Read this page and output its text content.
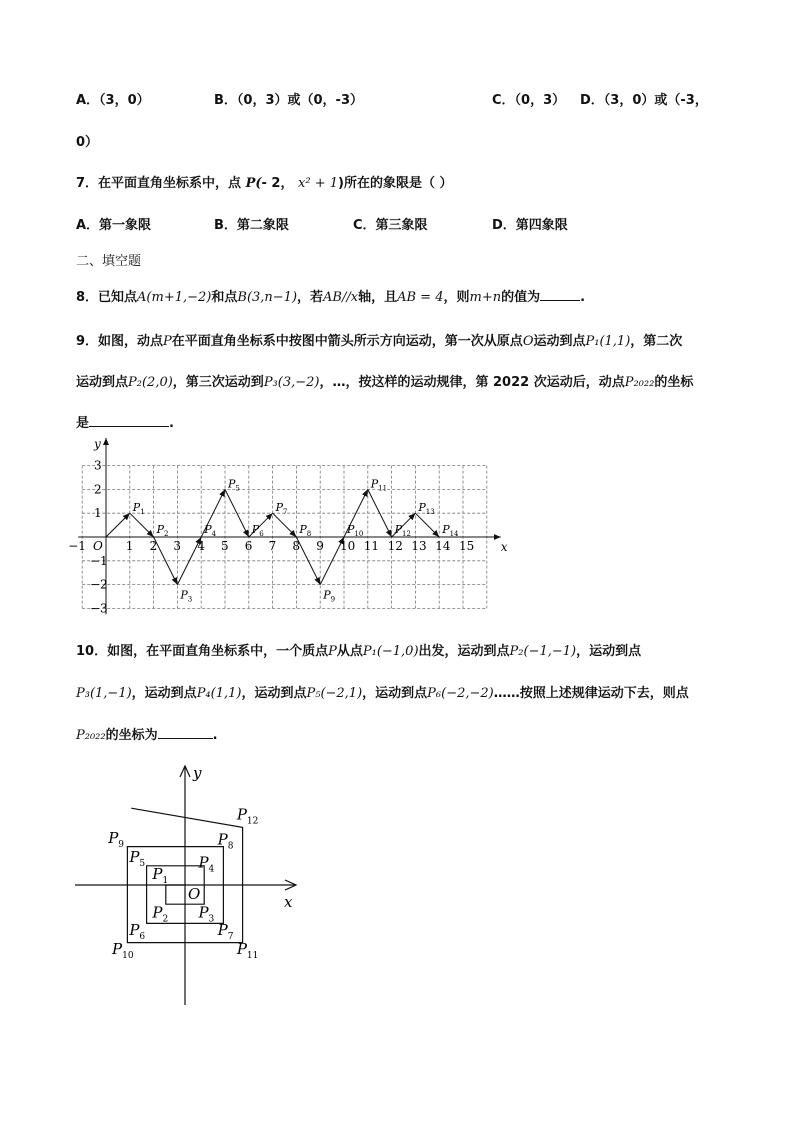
A．（3，0）	B．（0，3）或（0，-3）	C．（0，3） D．（3，0）或（-3，
0）
7．在平面直角坐标系中，点 P(- 2， x² + 1)所在的象限是（ ）
A．第一象限	B．第二象限	C．第三象限	D．第四象限
二、填空题
8．已知点A(m+1,−2)和点B(3,n−1)，若AB//x轴，且AB = 4，则m+n的值为	.
9．如图，动点P在平面直角坐标系中按图中箭头所示方向运动，第一次从原点O运动到点P₁(1,1)，第二次
运动到点P₂(2,0)，第三次运动到P₃(3,−2)，…，按这样的运动规律，第 2022 次运动后，动点P₂₀₂₂的坐标
是	.
$P_1$
$P_2$
$P_3$
$P_4$
$P_5$
$P_6$
$P_7$
$P_8$
$P_9$
$P_{10}$
$P_{11}$
$P_{12}$
$P_{13}$
$P_{14}$
−1	1 2 3 4 5 6 7 8 9 10 11 12 13 14 15
3
2
1
−1
−2
−3
y
x
O
10．如图，在平面直角坐标系中，一个质点P从点P₁(−1,0)出发，运动到点P₂(−1,−1)，运动到点
P₃(1,−1)，运动到点P₄(1,1)，运动到点P₅(−2,1)，运动到点P₆(−2,−2)……按照上述规律运动下去，则点
P₂₀₂₂的坐标为	.
$P_1$
$P_2$ $P_3$
$P_4$
$P_5$
$P_6$	$P_7$
$P_8$
$P_9$
$P_{10}$	$P_{11}$
$P_{12}$
y
x
O
